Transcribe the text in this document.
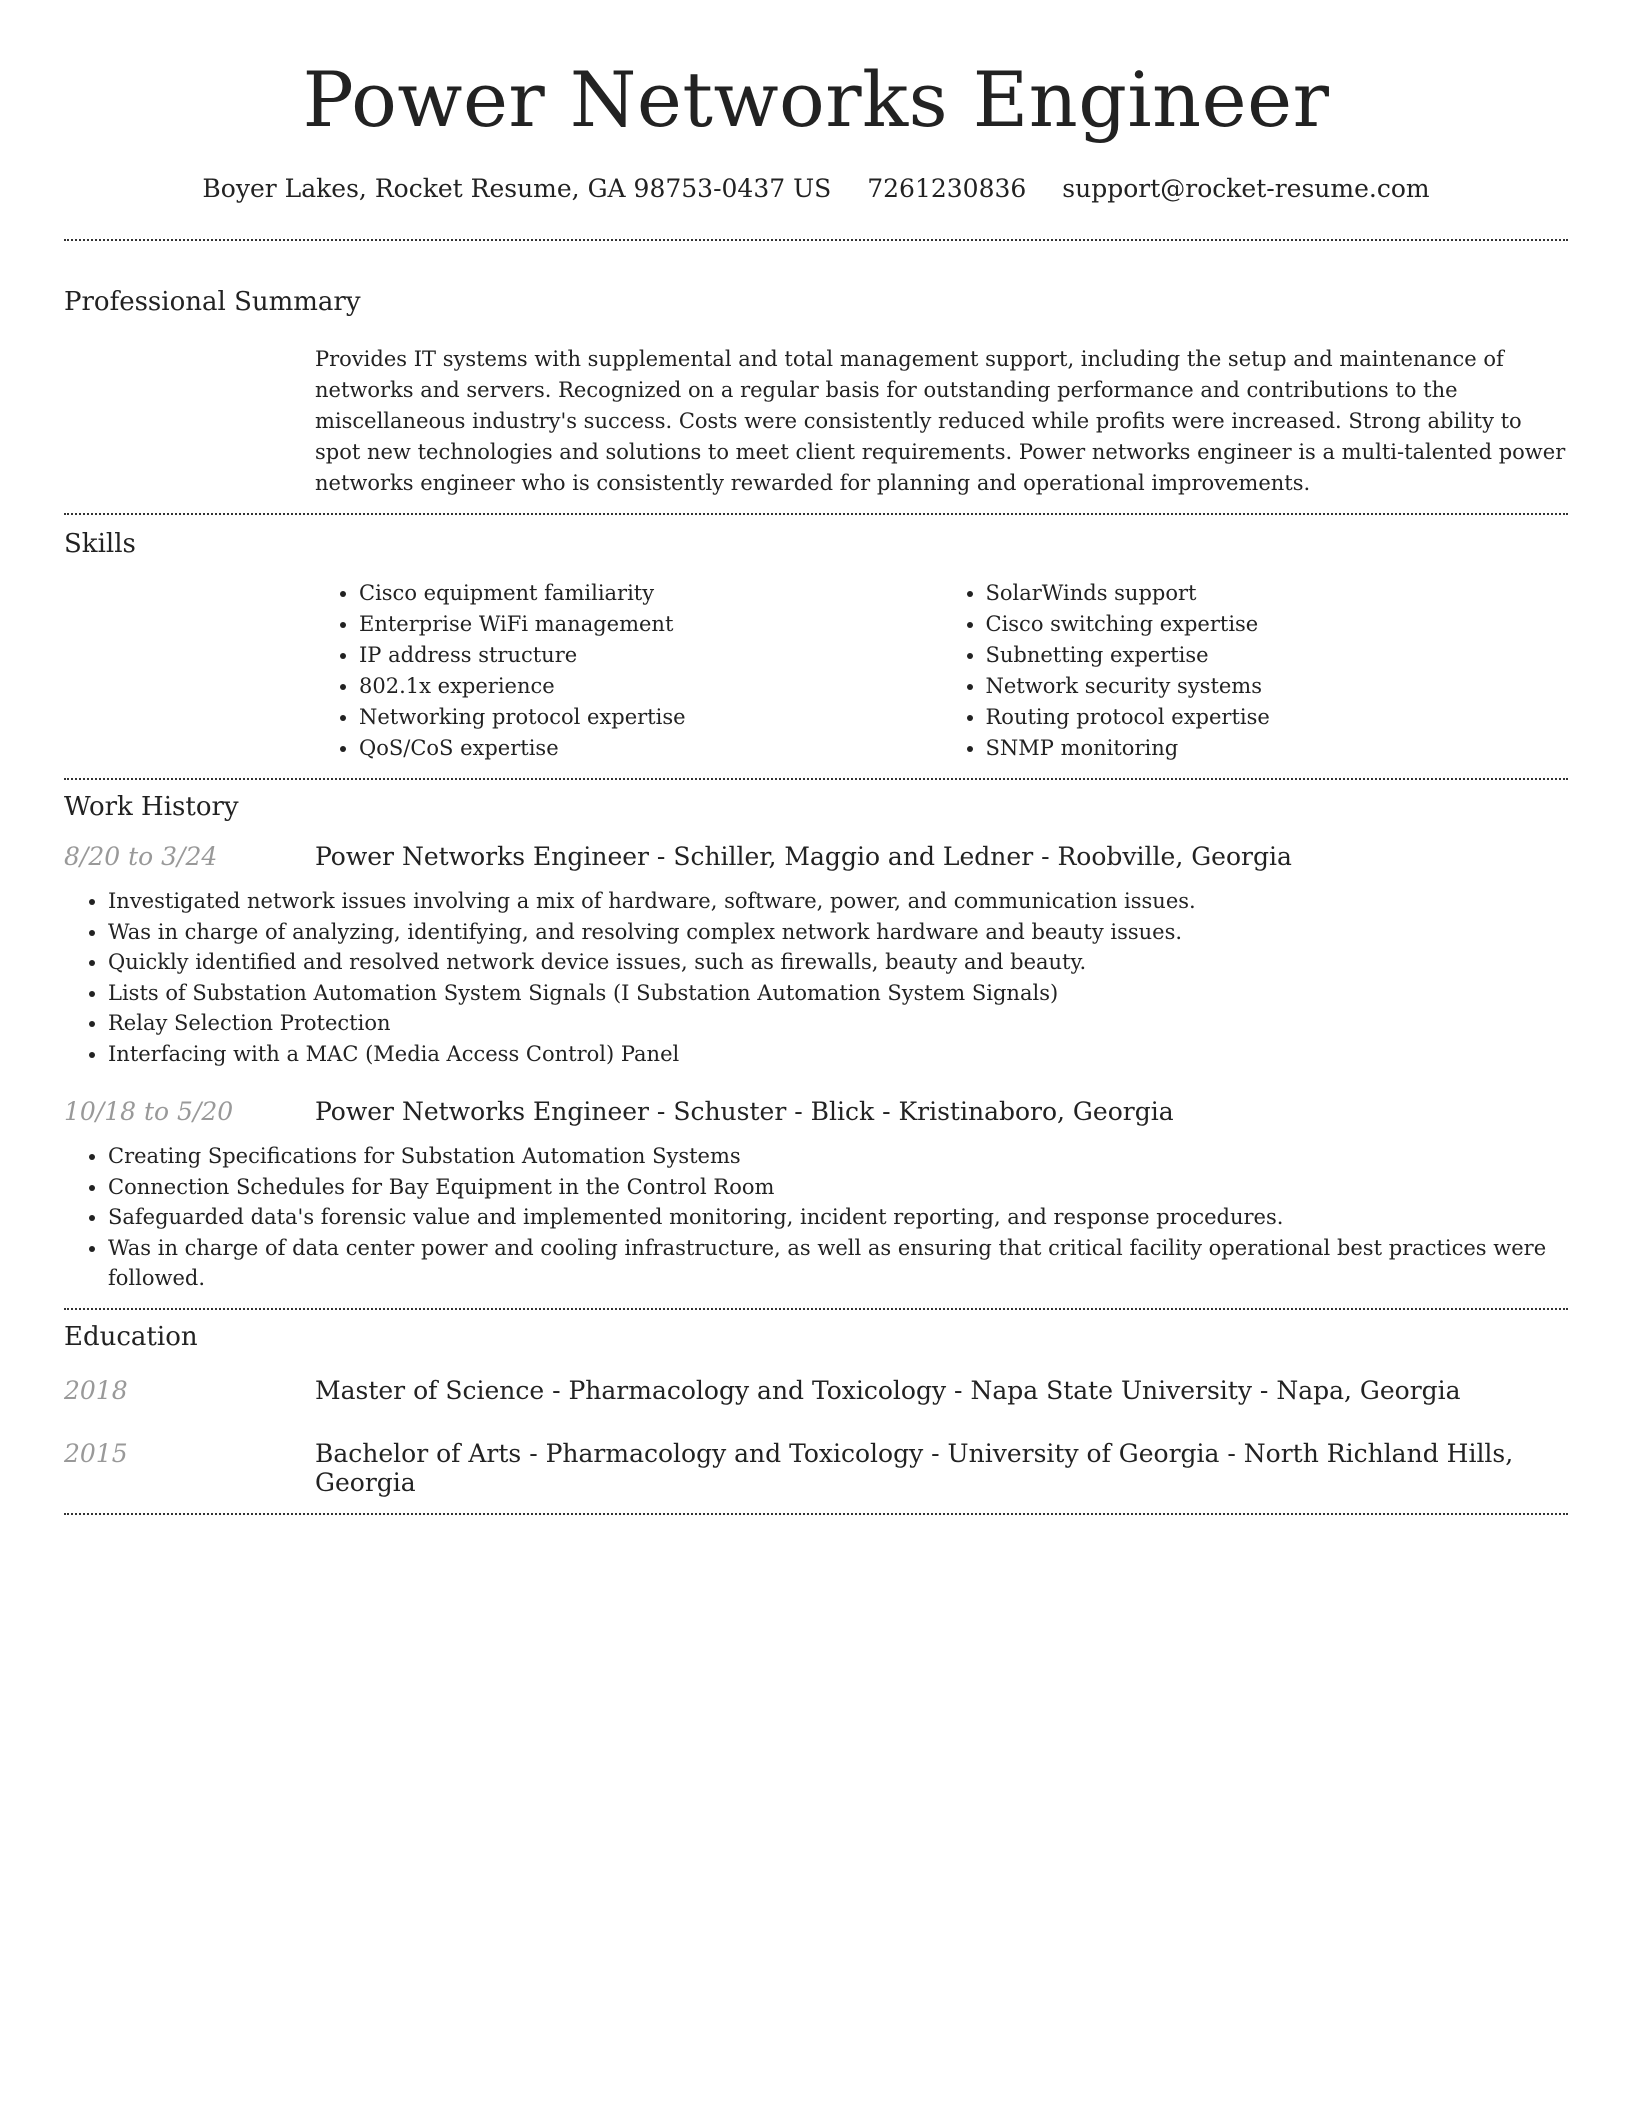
Power Networks Engineer
Boyer Lakes, Rocket Resume, GA 98753-0437 US 7261230836 support@rocket-resume.com
Professional Summary
Provides IT systems with supplemental and total management support, including the setup and maintenance of networks and servers. Recognized on a regular basis for outstanding performance and contributions to the miscellaneous industry's success. Costs were consistently reduced while profits were increased. Strong ability to spot new technologies and solutions to meet client requirements. Power networks engineer is a multi-talented power networks engineer who is consistently rewarded for planning and operational improvements.
Skills
• Cisco equipment familiarity
• Enterprise WiFi management
• IP address structure
• 802.1x experience
• Networking protocol expertise
• QoS/CoS expertise
• SolarWinds support
• Cisco switching expertise
• Subnetting expertise
• Network security systems
• Routing protocol expertise
• SNMP monitoring
Work History
8/20 to 3/24	Power Networks Engineer - Schiller, Maggio and Ledner - Roobville, Georgia
• Investigated network issues involving a mix of hardware, software, power, and communication issues.
• Was in charge of analyzing, identifying, and resolving complex network hardware and beauty issues.
• Quickly identified and resolved network device issues, such as firewalls, beauty and beauty.
• Lists of Substation Automation System Signals (I Substation Automation System Signals)
• Relay Selection Protection
• Interfacing with a MAC (Media Access Control) Panel
10/18 to 5/20	Power Networks Engineer - Schuster - Blick - Kristinaboro, Georgia
• Creating Specifications for Substation Automation Systems
• Connection Schedules for Bay Equipment in the Control Room
• Safeguarded data's forensic value and implemented monitoring, incident reporting, and response procedures.
• Was in charge of data center power and cooling infrastructure, as well as ensuring that critical facility operational best practices were followed.
Education
2018	Master of Science - Pharmacology and Toxicology - Napa State University - Napa, Georgia
2015	Bachelor of Arts - Pharmacology and Toxicology - University of Georgia - North Richland Hills, Georgia
